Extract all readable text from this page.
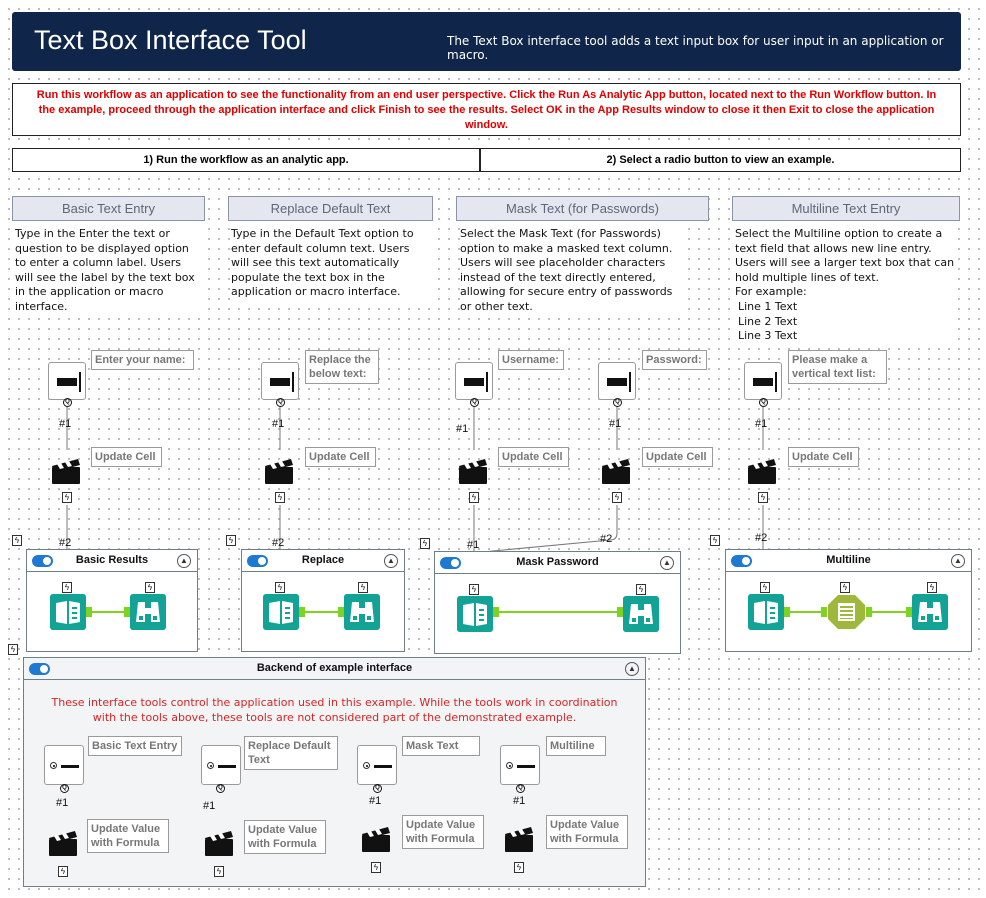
Text Box Interface Tool	The Text Box interface tool adds a text input box for user input in an application or macro.
Run this workflow as an application to see the functionality from an end user perspective. Click the Run As Analytic App button, located next to the Run Workflow button. In the example, proceed through the application interface and click Finish to see the results. Select OK in the App Results window to close it then Exit to close the application window.
1) Run the workflow as an analytic app.	2) Select a radio button to view an example.
Basic Text Entry	Replace Default Text	Mask Text (for Passwords)	Multiline Text Entry
Type in the Enter the text or question to be displayed option to enter a column label. Users will see the label by the text box in the application or macro interface.
Type in the Default Text option to enter default column text. Users will see this text automatically populate the text box in the application or macro interface.
Select the Mask Text (for Passwords) option to make a masked text column. Users will see placeholder characters instead of the text directly entered, allowing for secure entry of passwords or other text.
Select the Multiline option to create a text field that allows new line entry. Users will see a larger text box that can hold multiple lines of text.
For example:
Line 1 Text
Line 2 Text
Line 3 Text
Q	Q	Q	Q	Q
Enter your name:	Replace the below text:
Username:	Password:	Please make a vertical text list:
#1	#1	#1	#1	#1
Update Cell	Update Cell	Update Cell	Update Cell	Update Cell
ϟ	ϟ	ϟ	ϟ	ϟ
#2	#2	#1	#2	#2
ϟ	ϟ	ϟ	ϟ
ϟ
Basic Results	▲	Replace	▲	Mask Password	▲	Multiline	▲
ϟ	ϟ	ϟ	ϟ	ϟ	ϟ	ϟ	ϟ	ϟ
Backend of example interface	▲
These interface tools control the application used in this example. While the tools work in coordination with the tools above, these tools are not considered part of the demonstrated example.
Basic Text Entry	Replace Default Text
Mask Text	Multiline
Q	Q	Q	Q
#1	#1	#1	#1
Update Value with Formula
Update Value with Formula
Update Value with Formula
Update Value with Formula
ϟ	ϟ	ϟ	ϟ
